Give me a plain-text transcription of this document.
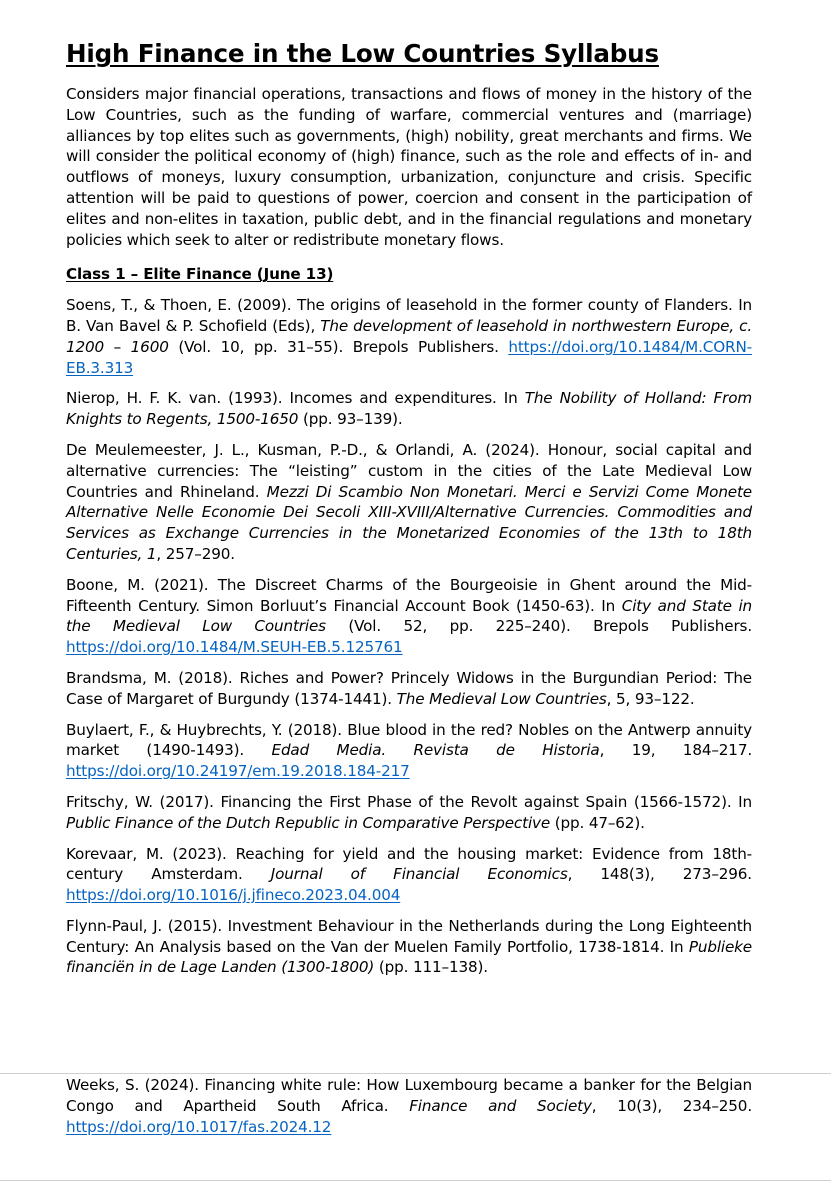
High Finance in the Low Countries Syllabus

Considers major financial operations, transactions and flows of money in the history of the Low Countries, such as the funding of warfare, commercial ventures and (marriage) alliances by top elites such as governments, (high) nobility, great merchants and firms. We will consider the political economy of (high) finance, such as the role and effects of in- and outflows of moneys, luxury consumption, urbanization, conjuncture and crisis. Specific attention will be paid to questions of power, coercion and consent in the participation of elites and non-elites in taxation, public debt, and in the financial regulations and monetary policies which seek to alter or redistribute monetary flows.

Class 1 – Elite Finance (June 13)

Soens, T., & Thoen, E. (2009). The origins of leasehold in the former county of Flanders. In B. Van Bavel & P. Schofield (Eds), The development of leasehold in northwestern Europe, c. 1200 – 1600 (Vol. 10, pp. 31–55). Brepols Publishers. https://doi.org/10.1484/M.CORN-EB.3.313

Nierop, H. F. K. van. (1993). Incomes and expenditures. In The Nobility of Holland: From Knights to Regents, 1500-1650 (pp. 93–139).

De Meulemeester, J. L., Kusman, P.-D., & Orlandi, A. (2024). Honour, social capital and alternative currencies: The “leisting” custom in the cities of the Late Medieval Low Countries and Rhineland. Mezzi Di Scambio Non Monetari. Merci e Servizi Come Monete Alternative Nelle Economie Dei Secoli XIII-XVIII/Alternative Currencies. Commodities and Services as Exchange Currencies in the Monetarized Economies of the 13th to 18th Centuries, 1, 257–290.

Boone, M. (2021). The Discreet Charms of the Bourgeoisie in Ghent around the Mid-Fifteenth Century. Simon Borluut’s Financial Account Book (1450-63). In City and State in the Medieval Low Countries (Vol. 52, pp. 225–240). Brepols Publishers. https://doi.org/10.1484/M.SEUH-EB.5.125761

Brandsma, M. (2018). Riches and Power? Princely Widows in the Burgundian Period: The Case of Margaret of Burgundy (1374-1441). The Medieval Low Countries, 5, 93–122.

Buylaert, F., & Huybrechts, Y. (2018). Blue blood in the red? Nobles on the Antwerp annuity market (1490-1493). Edad Media. Revista de Historia, 19, 184–217. https://doi.org/10.24197/em.19.2018.184-217

Fritschy, W. (2017). Financing the First Phase of the Revolt against Spain (1566-1572). In Public Finance of the Dutch Republic in Comparative Perspective (pp. 47–62).

Korevaar, M. (2023). Reaching for yield and the housing market: Evidence from 18th-century Amsterdam. Journal of Financial Economics, 148(3), 273–296. https://doi.org/10.1016/j.jfineco.2023.04.004

Flynn-Paul, J. (2015). Investment Behaviour in the Netherlands during the Long Eighteenth Century: An Analysis based on the Van der Muelen Family Portfolio, 1738-1814. In Publieke financiën in de Lage Landen (1300-1800) (pp. 111–138).

Weeks, S. (2024). Financing white rule: How Luxembourg became a banker for the Belgian Congo and Apartheid South Africa. Finance and Society, 10(3), 234–250. https://doi.org/10.1017/fas.2024.12
